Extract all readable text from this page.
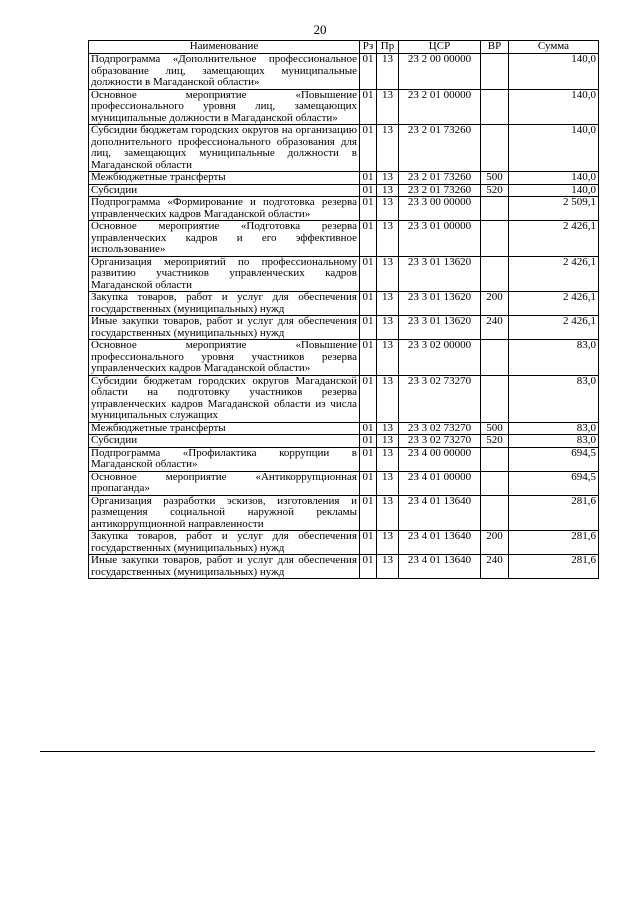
20
Наименование	Рз	Пр	ЦСР	ВР	Сумма
Подпрограмма «Дополнительное профессиональное образование лиц, замещающих муниципальные должности в Магаданской области»	01	13	23 2 00 00000		140,0
Основное мероприятие «Повышение профессионального уровня лиц, замещающих муниципальные должности в Магаданской области»	01	13	23 2 01 00000		140,0
Субсидии бюджетам городских округов на организацию дополнительного профессионального образования для лиц, замещающих муниципальные должности в Магаданской области	01	13	23 2 01 73260		140,0
Межбюджетные трансферты	01	13	23 2 01 73260	500	140,0
Субсидии	01	13	23 2 01 73260	520	140,0
Подпрограмма «Формирование и подготовка резерва управленческих кадров Магаданской области»	01	13	23 3 00 00000		2 509,1
Основное мероприятие «Подготовка резерва управленческих кадров и его эффективное использование»	01	13	23 3 01 00000		2 426,1
Организация мероприятий по профессиональному развитию участников управленческих кадров Магаданской области	01	13	23 3 01 13620		2 426,1
Закупка товаров, работ и услуг для обеспечения государственных (муниципальных) нужд	01	13	23 3 01 13620	200	2 426,1
Иные закупки товаров, работ и услуг для обеспечения государственных (муниципальных) нужд	01	13	23 3 01 13620	240	2 426,1
Основное мероприятие «Повышение профессионального уровня участников резерва управленческих кадров Магаданской области»	01	13	23 3 02 00000		83,0
Субсидии бюджетам городских округов Магаданской области на подготовку участников резерва управленческих кадров Магаданской области из числа муниципальных служащих	01	13	23 3 02 73270		83,0
Межбюджетные трансферты	01	13	23 3 02 73270	500	83,0
Субсидии	01	13	23 3 02 73270	520	83,0
Подпрограмма «Профилактика коррупции в Магаданской области»	01	13	23 4 00 00000		694,5
Основное мероприятие «Антикоррупционная пропаганда»	01	13	23 4 01 00000		694,5
Организация разработки эскизов, изготовления и размещения социальной наружной рекламы антикоррупционной направленности	01	13	23 4 01 13640		281,6
Закупка товаров, работ и услуг для обеспечения государственных (муниципальных) нужд	01	13	23 4 01 13640	200	281,6
Иные закупки товаров, работ и услуг для обеспечения государственных (муниципальных) нужд	01	13	23 4 01 13640	240	281,6
